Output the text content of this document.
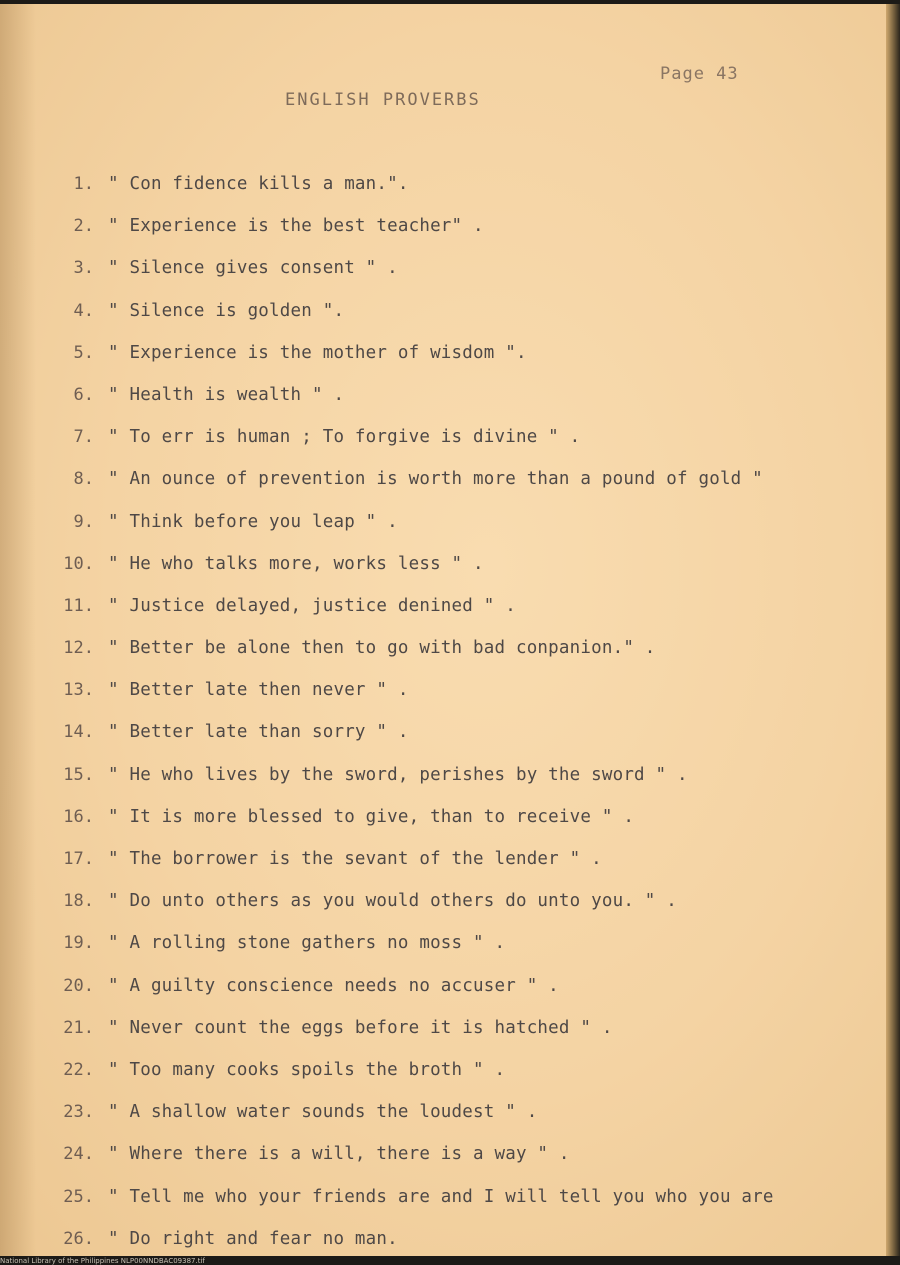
Page 43
ENGLISH PROVERBS
1. " Con fidence kills a man.".
2. " Experience is the best teacher" .
3. " Silence gives consent " .
4. " Silence is golden ".
5. " Experience is the mother of wisdom ".
6. " Health is wealth " .
7. " To err is human ; To forgive is divine " .
8. " An ounce of prevention is worth more than a pound of gold "
9. " Think before you leap " .
10. " He who talks more, works less " .
11. " Justice delayed, justice denined " .
12. " Better be alone then to go with bad conpanion." .
13. " Better late then never " .
14. " Better late than sorry " .
15. " He who lives by the sword, perishes by the sword " .
16. " It is more blessed to give, than to receive " .
17. " The borrower is the sevant of the lender " .
18. " Do unto others as you would others do unto you. " .
19. " A rolling stone gathers no moss " .
20. " A guilty conscience needs no accuser " .
21. " Never count the eggs before it is hatched " .
22. " Too many cooks spoils the broth " .
23. " A shallow water sounds the loudest " .
24. " Where there is a will, there is a way " .
25. " Tell me who your friends are and I will tell you who you are
26. " Do right and fear no man.
National Library of the Philippines NLP00NNDBAC09387.tif
